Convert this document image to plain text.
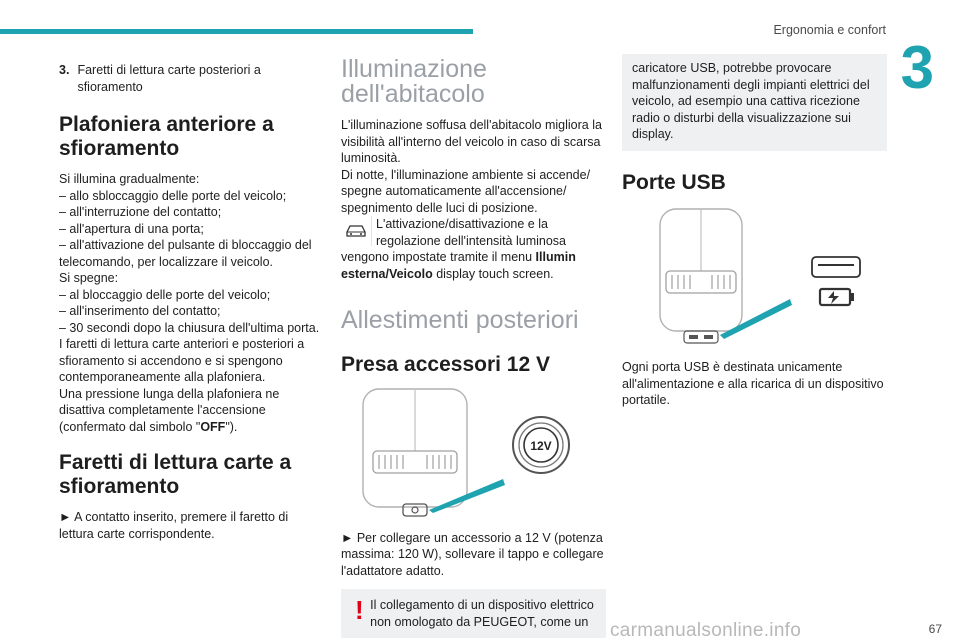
Ergonomia e confort
3
3. Faretti di lettura carte posteriori a sfioramento
Plafoniera anteriore a sfioramento

Si illumina gradualmente:

– allo sbloccaggio delle porte del veicolo;

– all'interruzione del contatto;

– all'apertura di una porta;

– all'attivazione del pulsante di bloccaggio del telecomando, per localizzare il veicolo.

Si spegne:

– al bloccaggio delle porte del veicolo;

– all'inserimento del contatto;

– 30 secondi dopo la chiusura dell'ultima porta.

I faretti di lettura carte anteriori e posteriori a sfioramento si accendono e si spengono contemporaneamente alla plafoniera.

Una pressione lunga della plafoniera ne disattiva completamente l'accensione (confermato dal simbolo "OFF").

Faretti di lettura carte a sfioramento

► A contatto inserito, premere il faretto di lettura carte corrispondente.

Illuminazione dell'abitacolo

L'illuminazione soffusa dell'abitacolo migliora la visibilità all'interno del veicolo in caso di scarsa luminosità.

Di notte, l'illuminazione ambiente si accende/ spegne automaticamente all'accensione/ spegnimento delle luci di posizione.

L'attivazione/disattivazione e la regolazione dell'intensità luminosa

vengono impostate tramite il menu Illumin esterna/Veicolo display touch screen.

Allestimenti posteriori
Presa accessori 12 V
12V

► Per collegare un accessorio a 12 V (potenza massima: 120 W), sollevare il tappo e collegare l'adattatore adatto.

! Il collegamento di un dispositivo elettrico non omologato da PEUGEOT, come un

caricatore USB, potrebbe provocare malfunzionamenti degli impianti elettrici del veicolo, ad esempio una cattiva ricezione radio o disturbi della visualizzazione sui display.

Porte USB

Ogni porta USB è destinata unicamente all'alimentazione e alla ricarica di un dispositivo portatile.

67
carmanualsonline.info
